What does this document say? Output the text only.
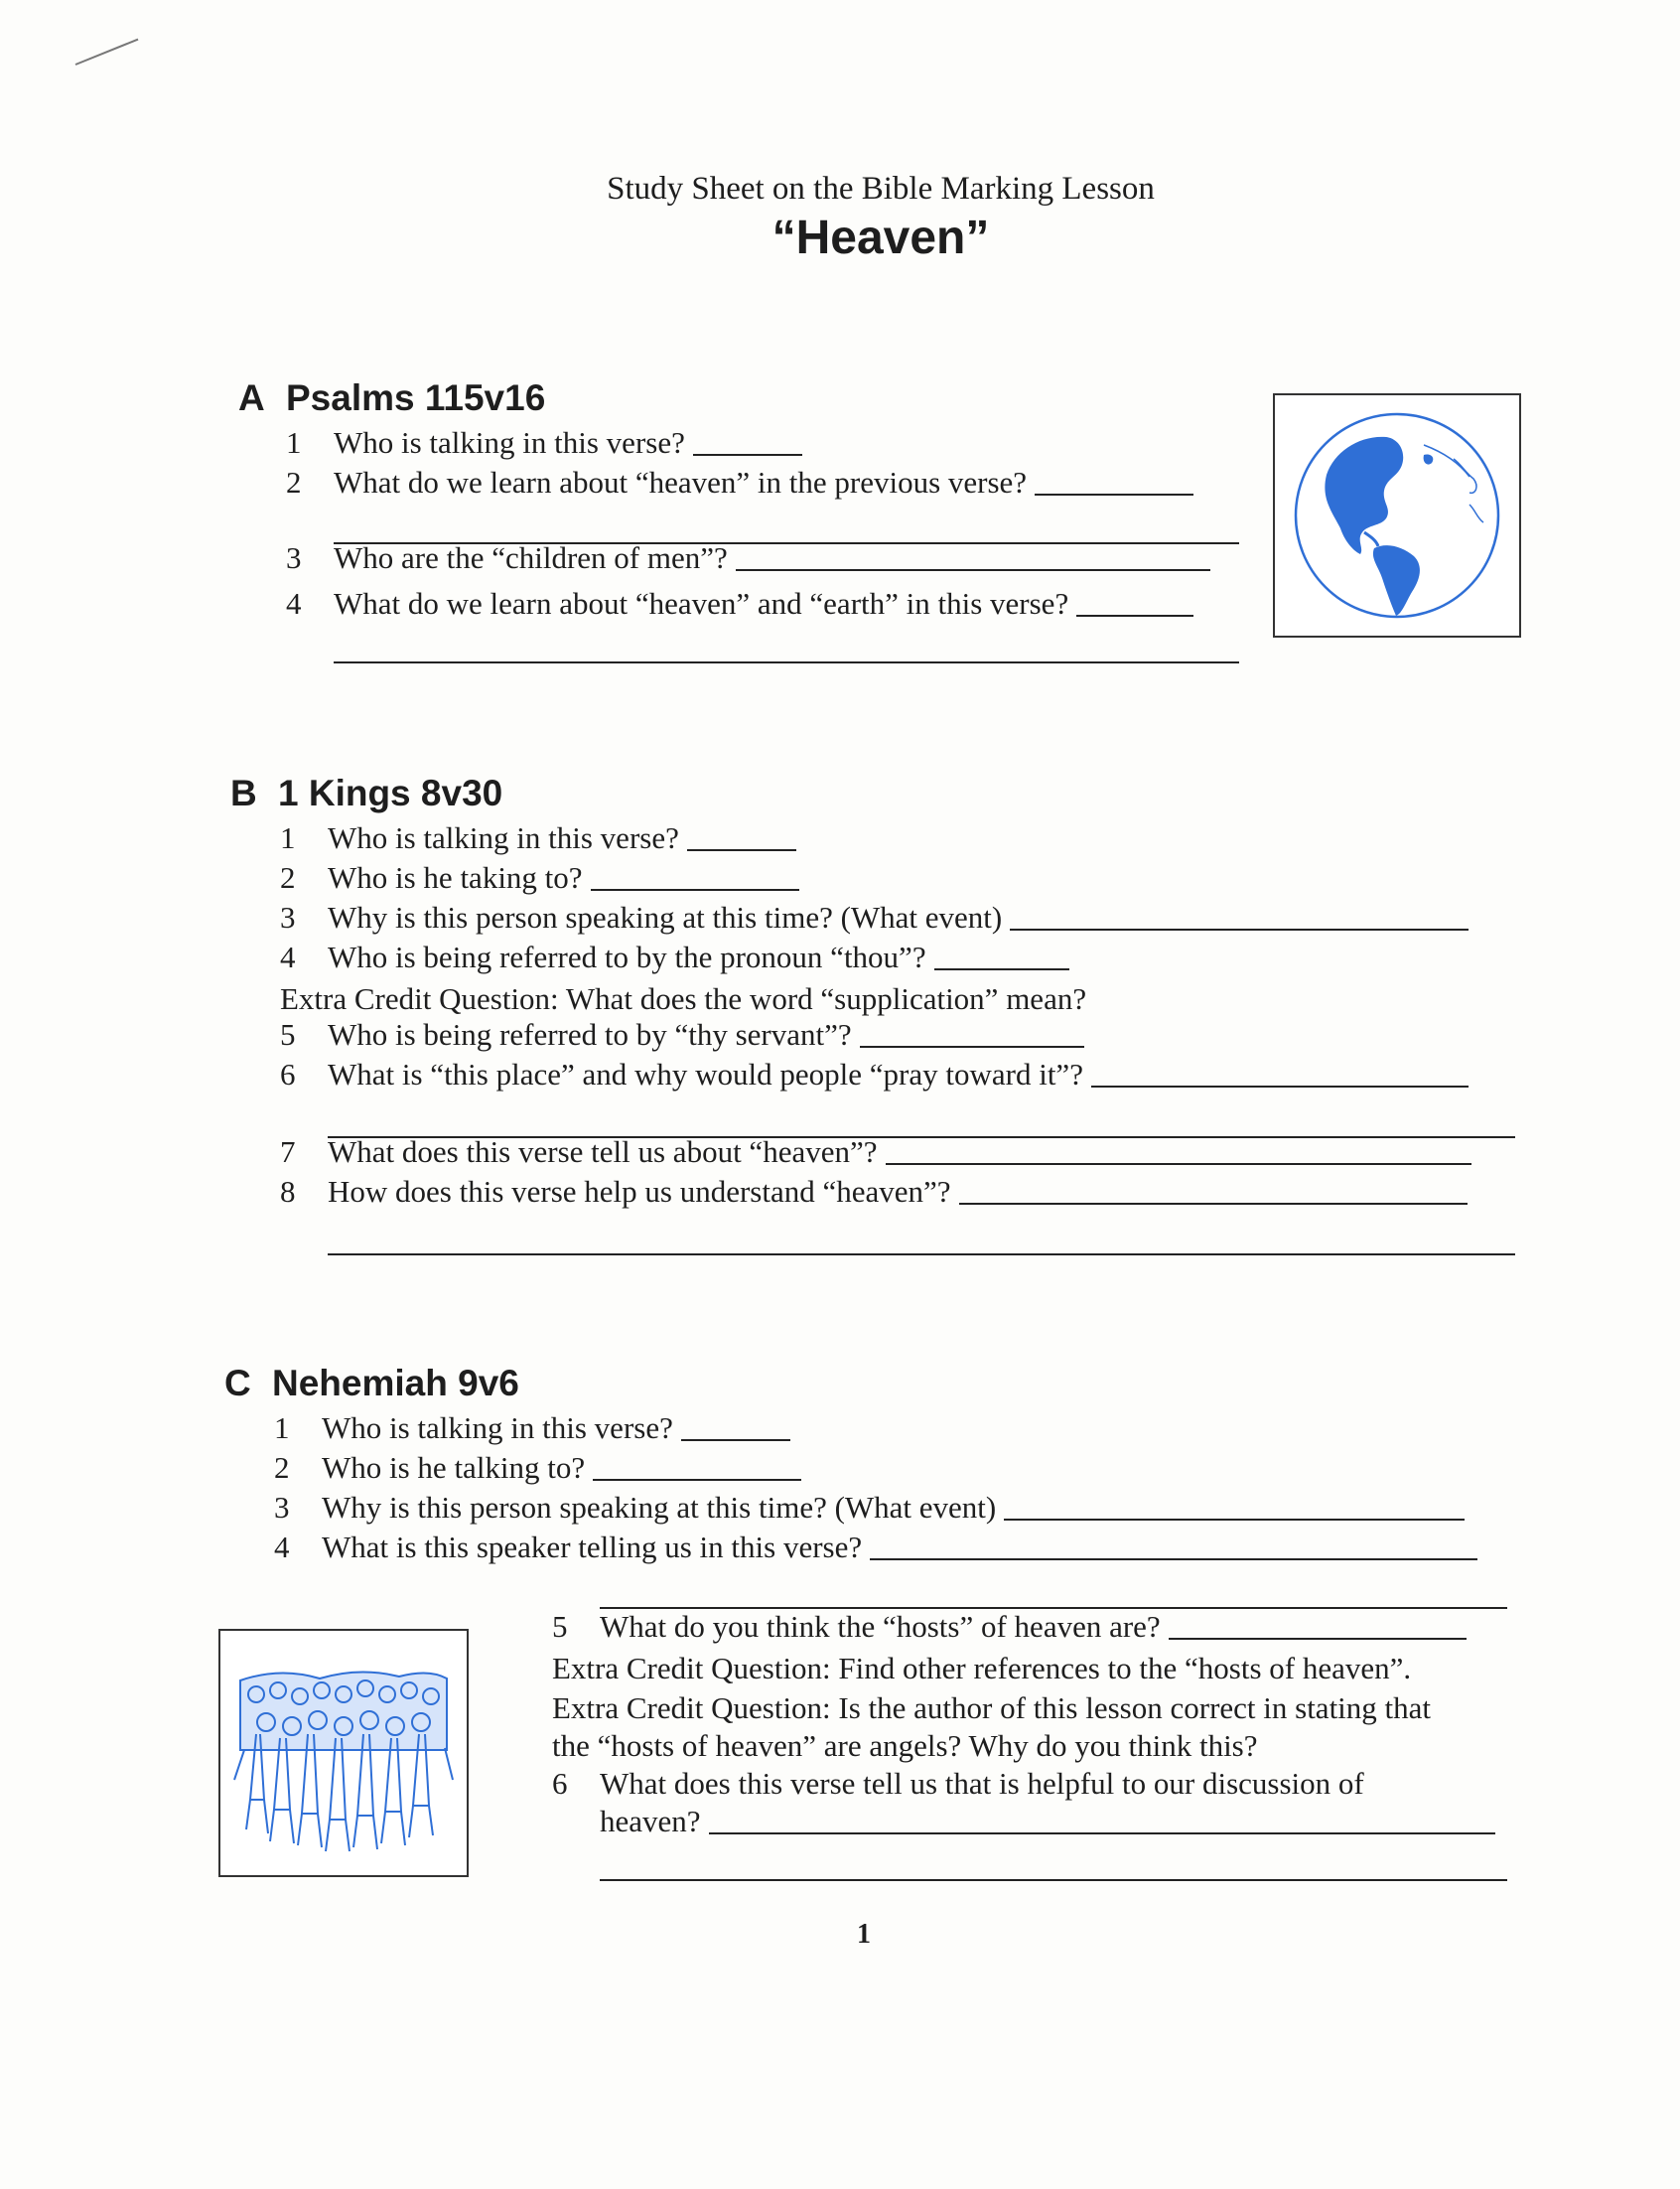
Study Sheet on the Bible Marking Lesson
“Heaven”
A Psalms 115v16
1	Who is talking in this verse?
2	What do we learn about “heaven” in the previous verse?
3	Who are the “children of men”?
4	What do we learn about “heaven” and “earth” in this verse?
B 1 Kings 8v30
1	Who is talking in this verse?
2	Who is he taking to?
3	Why is this person speaking at this time? (What event)
4	Who is being referred to by the pronoun “thou”?
Extra Credit Question: What does the word “supplication” mean?
5	Who is being referred to by “thy servant”?
6	What is “this place” and why would people “pray toward it”?
7	What does this verse tell us about “heaven”?
8	How does this verse help us understand “heaven”?
C Nehemiah 9v6
1	Who is talking in this verse?
2	Who is he talking to?
3	Why is this person speaking at this time? (What event)
4	What is this speaker telling us in this verse?
5	What do you think the “hosts” of heaven are?
Extra Credit Question: Find other references to the “hosts of heaven”.
Extra Credit Question: Is the author of this lesson correct in stating that
the “hosts of heaven” are angels? Why do you think this?
6	What does this verse tell us that is helpful to our discussion of
heaven?
1
